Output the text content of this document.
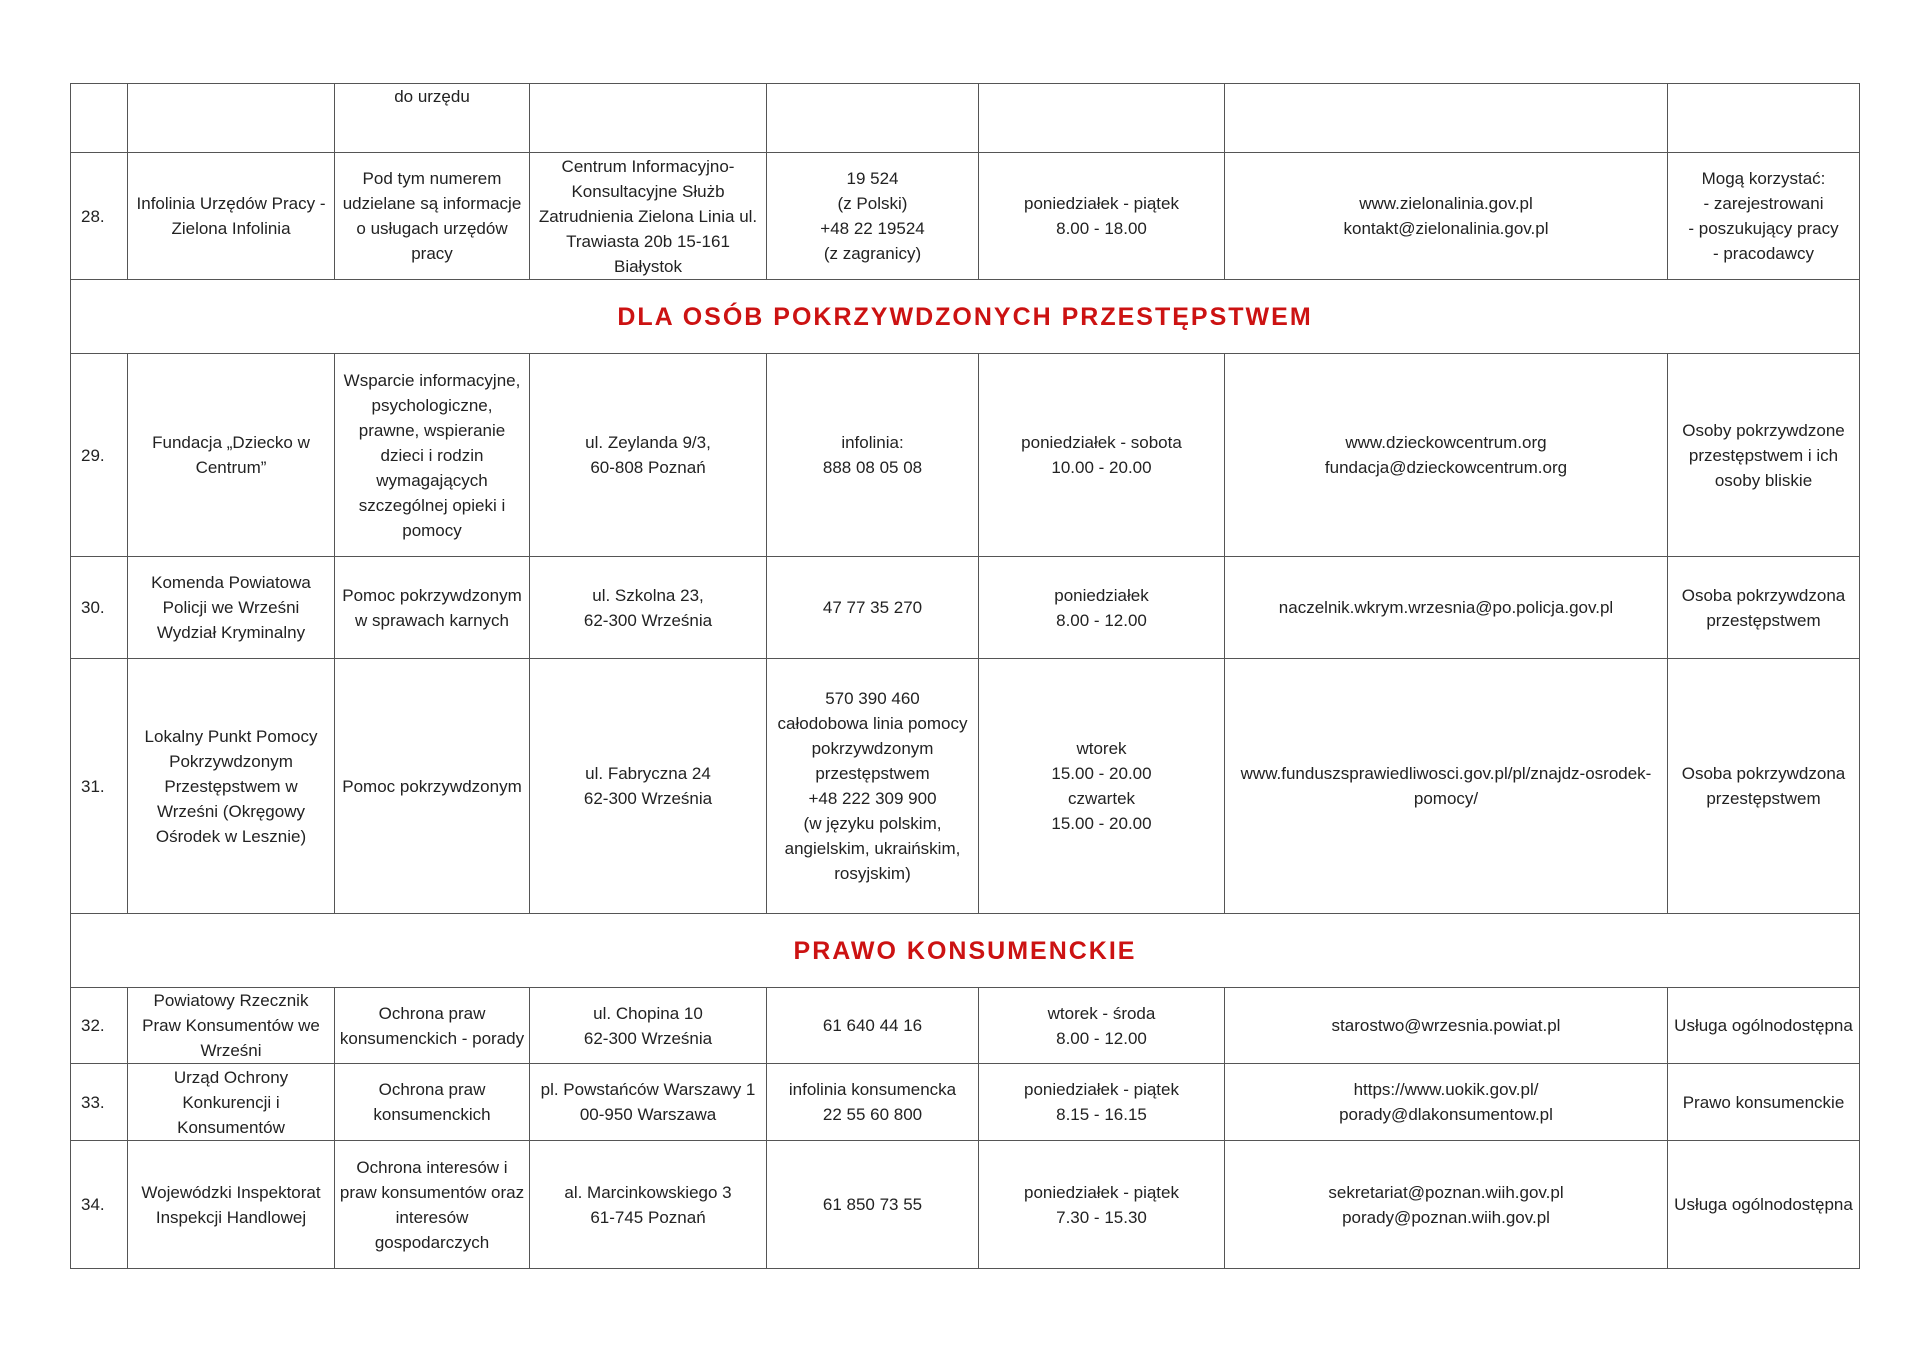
		do urzędu					
28.	Infolinia Urzędów Pracy - Zielona Infolinia	Pod tym numerem udzielane są informacje o usługach urzędów pracy	Centrum Informacyjno-Konsultacyjne Służb Zatrudnienia Zielona Linia ul. Trawiasta 20b 15-161 Białystok	19 524
(z Polski)
+48 22 19524
(z zagranicy)	poniedziałek - piątek
8.00 - 18.00	www.zielonalinia.gov.pl
kontakt@zielonalinia.gov.pl	Mogą korzystać:
- zarejestrowani
- poszukujący pracy
- pracodawcy
DLA OSÓB POKRZYWDZONYCH PRZESTĘPSTWEM							
29.	Fundacja „Dziecko w Centrum”	Wsparcie informacyjne, psychologiczne, prawne, wspieranie dzieci i rodzin wymagających szczególnej opieki i pomocy	ul. Zeylanda 9/3,
60-808 Poznań	infolinia:
888 08 05 08	poniedziałek - sobota
10.00 - 20.00	www.dzieckowcentrum.org
fundacja@dzieckowcentrum.org	Osoby pokrzywdzone przestępstwem i ich osoby bliskie
30.	Komenda Powiatowa Policji we Wrześni Wydział Kryminalny	Pomoc pokrzywdzonym w sprawach karnych	ul. Szkolna 23,
62-300 Września	47 77 35 270	poniedziałek
8.00 - 12.00	naczelnik.wkrym.wrzesnia@po.policja.gov.pl	Osoba pokrzywdzona przestępstwem
31.	Lokalny Punkt Pomocy Pokrzywdzonym Przestępstwem w Wrześni (Okręgowy Ośrodek w Lesznie)	Pomoc pokrzywdzonym	ul. Fabryczna 24
62-300 Września	570 390 460
całodobowa linia pomocy pokrzywdzonym przestępstwem
+48 222 309 900
(w języku polskim, angielskim, ukraińskim, rosyjskim)	wtorek
15.00 - 20.00
czwartek
15.00 - 20.00	www.funduszsprawiedliwosci.gov.pl/pl/znajdz-osrodek-pomocy/	Osoba pokrzywdzona przestępstwem
PRAWO KONSUMENCKIE							
32.	Powiatowy Rzecznik Praw Konsumentów we Wrześni	Ochrona praw konsumenckich - porady	ul. Chopina 10
62-300 Września	61 640 44 16	wtorek - środa
8.00 - 12.00	starostwo@wrzesnia.powiat.pl	Usługa ogólnodostępna
33.	Urząd Ochrony Konkurencji i Konsumentów	Ochrona praw konsumenckich	pl. Powstańców Warszawy 1
00-950 Warszawa	infolinia konsumencka
22 55 60 800	poniedziałek - piątek
8.15 - 16.15	https://www.uokik.gov.pl/
porady@dlakonsumentow.pl	Prawo konsumenckie
34.	Wojewódzki Inspektorat Inspekcji Handlowej	Ochrona interesów i praw konsumentów oraz interesów gospodarczych	al. Marcinkowskiego 3
61-745 Poznań	61 850 73 55	poniedziałek - piątek
7.30 - 15.30	sekretariat@poznan.wiih.gov.pl
porady@poznan.wiih.gov.pl	Usługa ogólnodostępna
